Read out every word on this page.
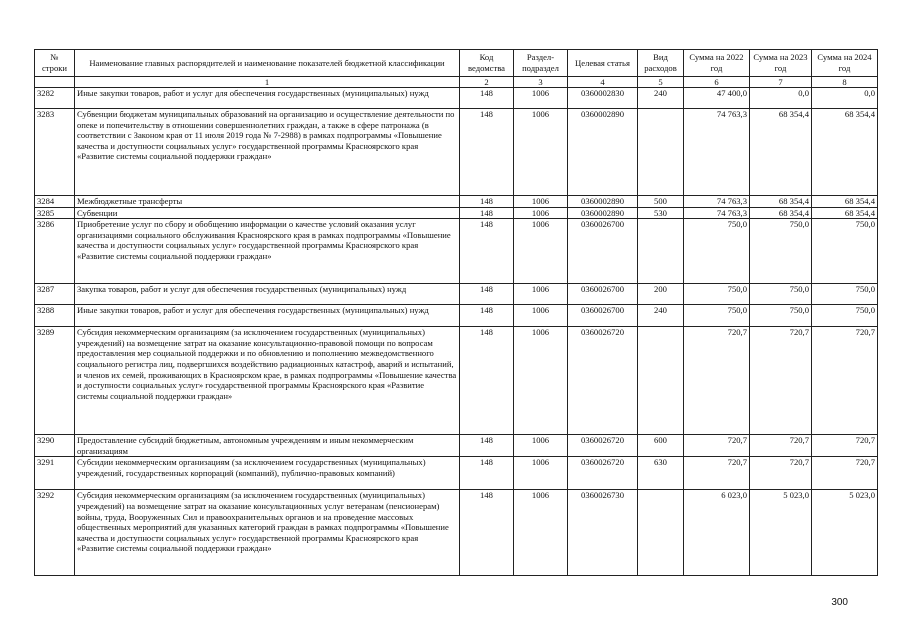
№ строки	Наименование главных распорядителей и наименование показателей бюджетной классификации	Код ведомства	Раздел-подраздел	Целевая статья	Вид расходов	Сумма на 2022 год	Сумма на 2023 год	Сумма на 2024 год
	1	2	3	4	5	6	7	8
3282	Иные закупки товаров, работ и услуг для обеспечения государственных (муниципальных) нужд	148	1006	0360002830	240	47 400,0	0,0	0,0
3283	Субвенции бюджетам муниципальных образований на организацию и осуществление деятельности по опеке и попечительству в отношении совершеннолетних граждан, а также в сфере патронажа (в соответствии с Законом края от 11 июля 2019 года № 7-2988) в рамках подпрограммы «Повышение качества и доступности социальных услуг» государственной программы Красноярского края «Развитие системы социальной поддержки граждан»	148	1006	0360002890		74 763,3	68 354,4	68 354,4
3284	Межбюджетные трансферты	148	1006	0360002890	500	74 763,3	68 354,4	68 354,4
3285	Субвенции	148	1006	0360002890	530	74 763,3	68 354,4	68 354,4
3286	Приобретение услуг по сбору и обобщению информации о качестве условий оказания услуг организациями социального обслуживания Красноярского края в рамках подпрограммы «Повышение качества и доступности социальных услуг» государственной программы Красноярского края «Развитие системы социальной поддержки граждан»	148	1006	0360026700		750,0	750,0	750,0
3287	Закупка товаров, работ и услуг для обеспечения государственных (муниципальных) нужд	148	1006	0360026700	200	750,0	750,0	750,0
3288	Иные закупки товаров, работ и услуг для обеспечения государственных (муниципальных) нужд	148	1006	0360026700	240	750,0	750,0	750,0
3289	Субсидия некоммерческим организациям (за исключением государственных (муниципальных) учреждений) на возмещение затрат на оказание консультационно-правовой помощи по вопросам предоставления мер социальной поддержки и по обновлению и пополнению межведомственного социального регистра лиц, подвергшихся воздействию радиационных катастроф, аварий и испытаний, и членов их семей, проживающих в Красноярском крае, в рамках подпрограммы «Повышение качества и доступности социальных услуг» государственной программы Красноярского края «Развитие системы социальной поддержки граждан»	148	1006	0360026720		720,7	720,7	720,7
3290	Предоставление субсидий бюджетным, автономным учреждениям и иным некоммерческим организациям	148	1006	0360026720	600	720,7	720,7	720,7
3291	Субсидии некоммерческим организациям (за исключением государственных (муниципальных) учреждений, государственных корпораций (компаний), публично-правовых компаний)	148	1006	0360026720	630	720,7	720,7	720,7
3292	Субсидия некоммерческим организациям (за исключением государственных (муниципальных) учреждений) на возмещение затрат на оказание консультационных услуг ветеранам (пенсионерам) войны, труда, Вооруженных Сил и правоохранительных органов и на проведение массовых общественных мероприятий для указанных категорий граждан в рамках подпрограммы «Повышение качества и доступности социальных услуг» государственной программы Красноярского края «Развитие системы социальной поддержки граждан»	148	1006	0360026730		6 023,0	5 023,0	5 023,0
300
